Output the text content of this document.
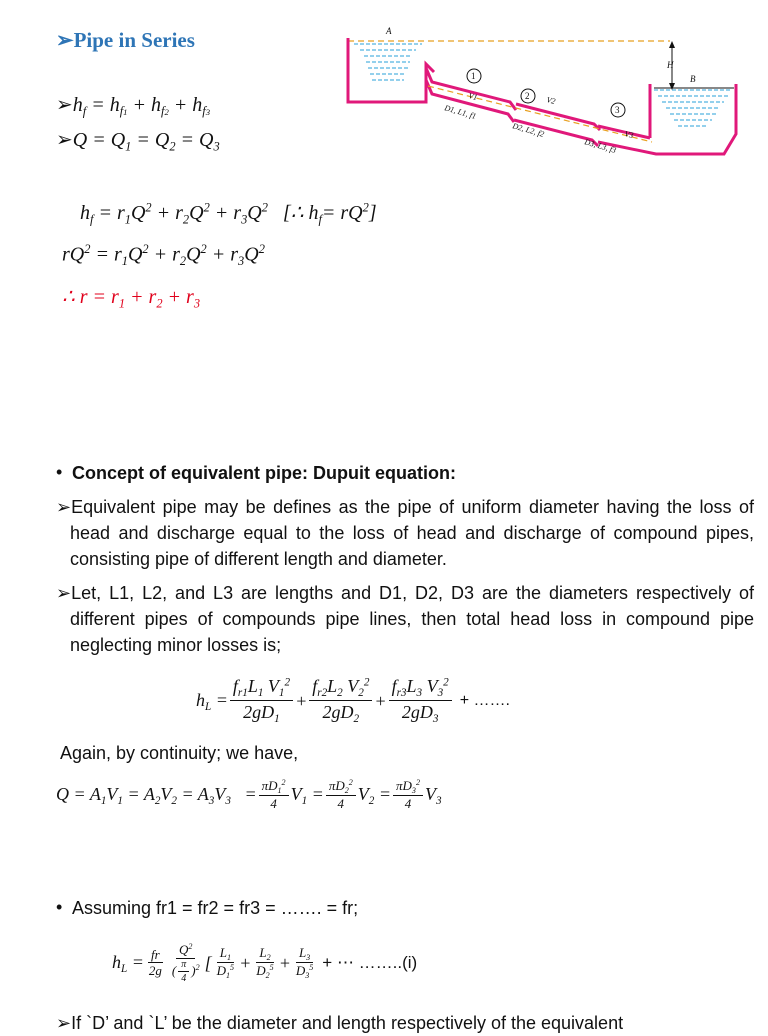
➢Pipe in Series
$➢h_f = h_{f1} + h_{f2} + h_{f3}$
➢Q = $Q_1 = Q_2 = Q_3$
$h_f = r_1Q^2 + r_2Q^2 + r_3Q^2$   [∴ $h_f= rQ^2$]
$rQ^2 = r_1Q^2 + r_2Q^2 + r_3Q^2$
∴ $r = r_1 + r_2 + r_3$
A
B
H
1
2
3
V1	V2
V3
D1, L1, f1
D2, L2, f2
D3, L3, f3
• Concept of equivalent pipe: Dupuit equation:
➢Equivalent pipe may be defines as the pipe of uniform diameter having the loss of head and discharge equal to the loss of head and discharge of compound pipes, consisting pipe of different length and diameter.
➢Let, L1, L2, and L3 are lengths and D1, D2, D3 are the diameters respectively of different pipes of compounds pipe lines, then total head loss in compound pipe neglecting minor losses is;
$h_L = \frac{f_{r1}L_1 V_1^2}{2gD_1} + \frac{f_{r2}L_2 V_2^2}{2gD_2} + \frac{f_{r3}L_3 V_3^2}{2gD_3}$ + …….
Again, by continuity; we have,
$Q = A_1V_1 = A_2V_2 = A_3V_3 = \frac{\pi D_1^2}{4} V_1 = \frac{\pi D_2^2}{4} V_2 = \frac{\pi D_3^2}{4} V_3$
• Assuming fr1 = fr2 = fr3 = ……. = fr;
$h_L = \frac{fr}{2g} \frac{Q^2}{( \frac{\pi}{4} )^2}$ [ $\frac{L_1}{D_1^5} + \frac{L_2}{D_2^5} + \frac{L_3}{D_3^5}$ + ⋯ ……..(i)
➢If `D’ and `L’ be the diameter and length respectively of the equivalent
